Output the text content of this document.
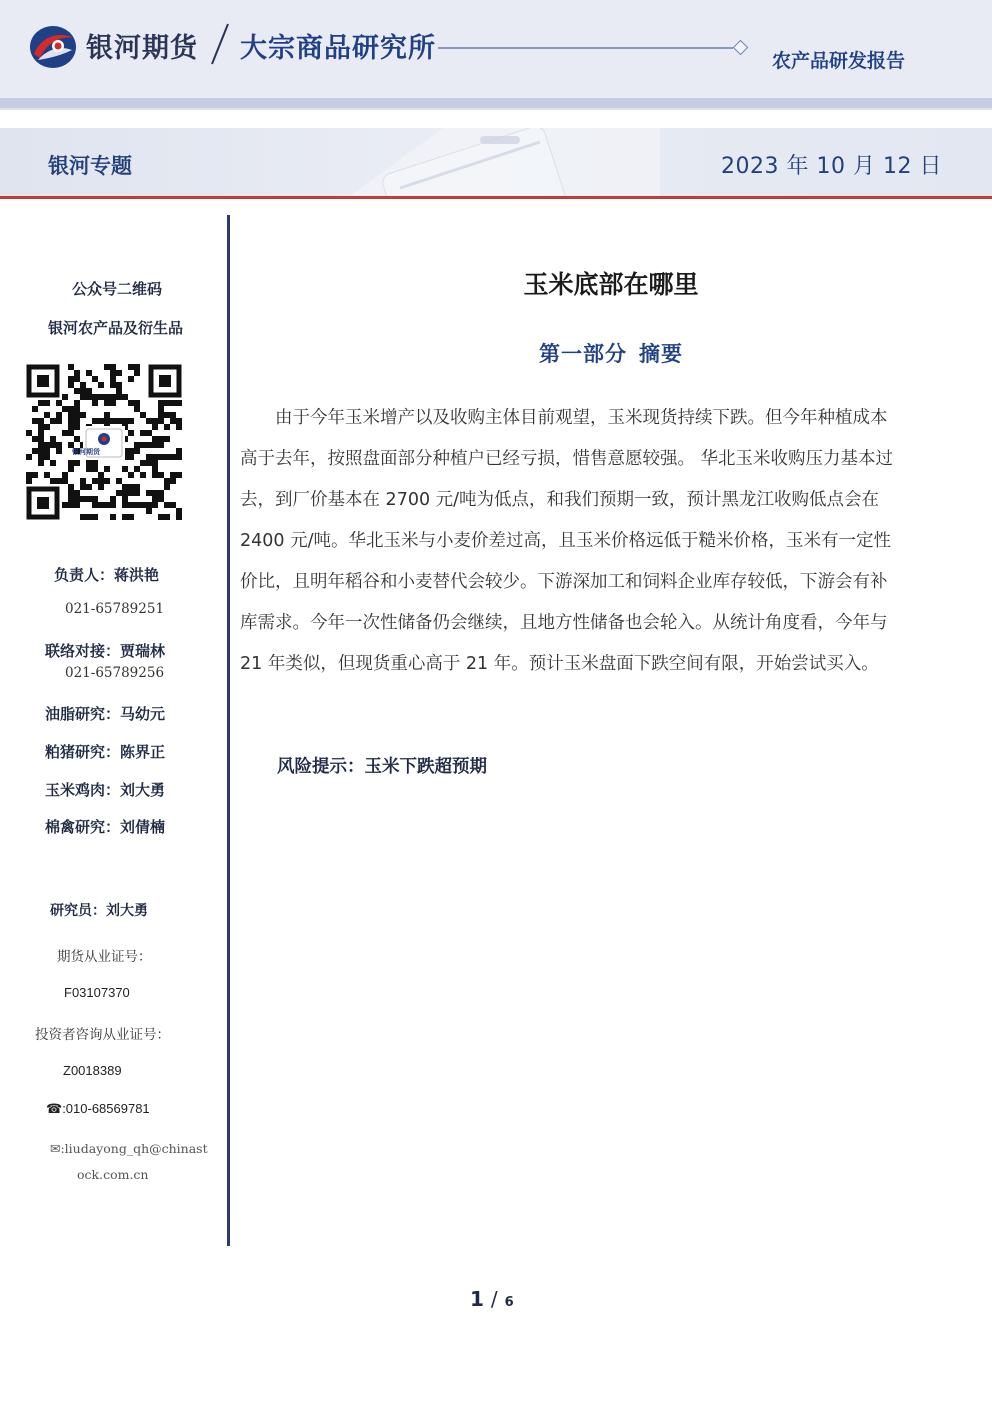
银河期货 大宗商品研究所	农产品研发报告
银河专题	2023 年 10 月 12 日
公众号二维码
银河农产品及衍生品
银河期货
负责人：蒋洪艳
021-65789251
联络对接：贾瑞林
021-65789256
油脂研究：马幼元
粕猪研究：陈界正
玉米鸡肉：刘大勇
棉禽研究：刘倩楠
研究员：刘大勇
期货从业证号：
F03107370
投资者咨询从业证号：
Z0018389
☎:010-68569781
✉:liudayong_qh@chinast
ock.com.cn
玉米底部在哪里
第一部分 摘要
　　由于今年玉米增产以及收购主体目前观望，玉米现货持续下跌。但今年种植成本
高于去年，按照盘面部分种植户已经亏损，惜售意愿较强。 华北玉米收购压力基本过
去，到厂价基本在 2700 元/吨为低点，和我们预期一致，预计黑龙江收购低点会在
2400 元/吨。华北玉米与小麦价差过高，且玉米价格远低于糙米价格，玉米有一定性
价比，且明年稻谷和小麦替代会较少。下游深加工和饲料企业库存较低，下游会有补
库需求。今年一次性储备仍会继续，且地方性储备也会轮入。从统计角度看，今年与
21 年类似，但现货重心高于 21 年。预计玉米盘面下跌空间有限，开始尝试买入。
风险提示：玉米下跌超预期
1 / 6
